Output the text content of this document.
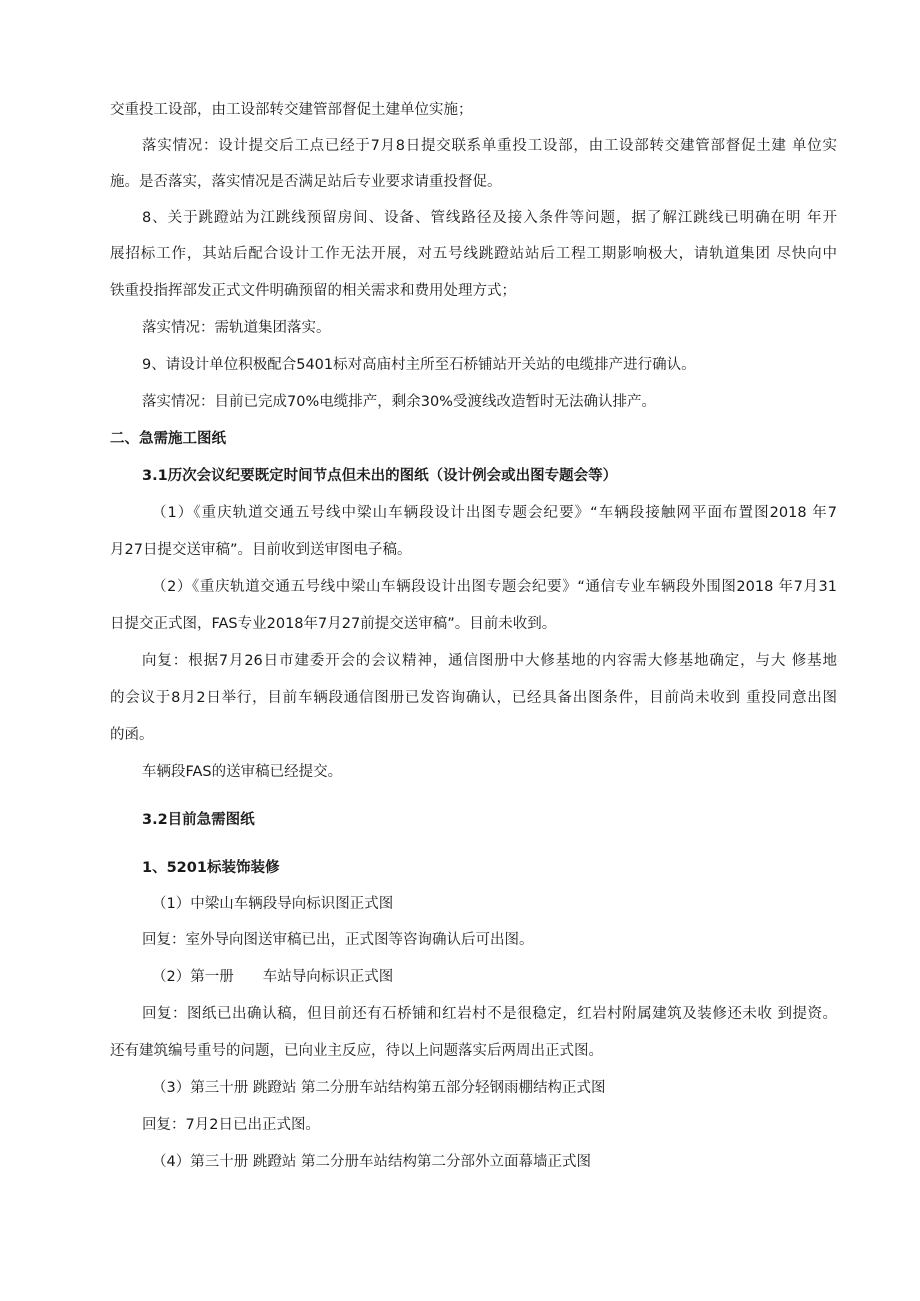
交重投工设部，由工设部转交建管部督促土建单位实施；
落实情况：设计提交后工点已经于7月8日提交联系单重投工设部，由工设部转交建管部督促土建 单位实
施。是否落实，落实情况是否满足站后专业要求请重投督促。
8、关于跳蹬站为江跳线预留房间、设备、管线路径及接入条件等问题，据了解江跳线已明确在明 年开
展招标工作，其站后配合设计工作无法开展，对五号线跳蹬站站后工程工期影响极大，请轨道集团 尽快向中
铁重投指挥部发正式文件明确预留的相关需求和费用处理方式；
落实情况：需轨道集团落实。
9、请设计单位积极配合5401标对高庙村主所至石桥铺站开关站的电缆排产进行确认。
落实情况：目前已完成70%电缆排产，剩余30%受渡线改造暂时无法确认排产。
二、急需施工图纸
3.1历次会议纪要既定时间节点但未出的图纸（设计例会或出图专题会等）
（1）《重庆轨道交通五号线中梁山车辆段设计出图专题会纪要》“车辆段接触网平面布置图2018 年7
月27日提交送审稿”。目前收到送审图电子稿。
（2）《重庆轨道交通五号线中梁山车辆段设计出图专题会纪要》“通信专业车辆段外围图2018 年7月31
日提交正式图，FAS专业2018年7月27前提交送审稿”。目前未收到。
向复：根据7月26日市建委开会的会议精神，通信图册中大修基地的内容需大修基地确定，与大 修基地
的会议于8月2日举行，目前车辆段通信图册已发咨询确认，已经具备出图条件，目前尚未收到 重投同意出图
的函。
车辆段FAS的送审稿已经提交。
3.2目前急需图纸
1、5201标装饰装修
（1）中梁山车辆段导向标识图正式图
回复：室外导向图送审稿已出，正式图等咨询确认后可出图。
（2）第一册　　车站导向标识正式图
回复：图纸已出确认稿，但目前还有石桥铺和红岩村不是很稳定，红岩村附属建筑及装修还未收 到提资。
还有建筑编号重号的问题，已向业主反应，待以上问题落实后两周出正式图。
（3）第三十册 跳蹬站 第二分册车站结构第五部分轻钢雨棚结构正式图
回复：7月2日已出正式图。
（4）第三十册 跳蹬站 第二分册车站结构第二分部外立面幕墙正式图
